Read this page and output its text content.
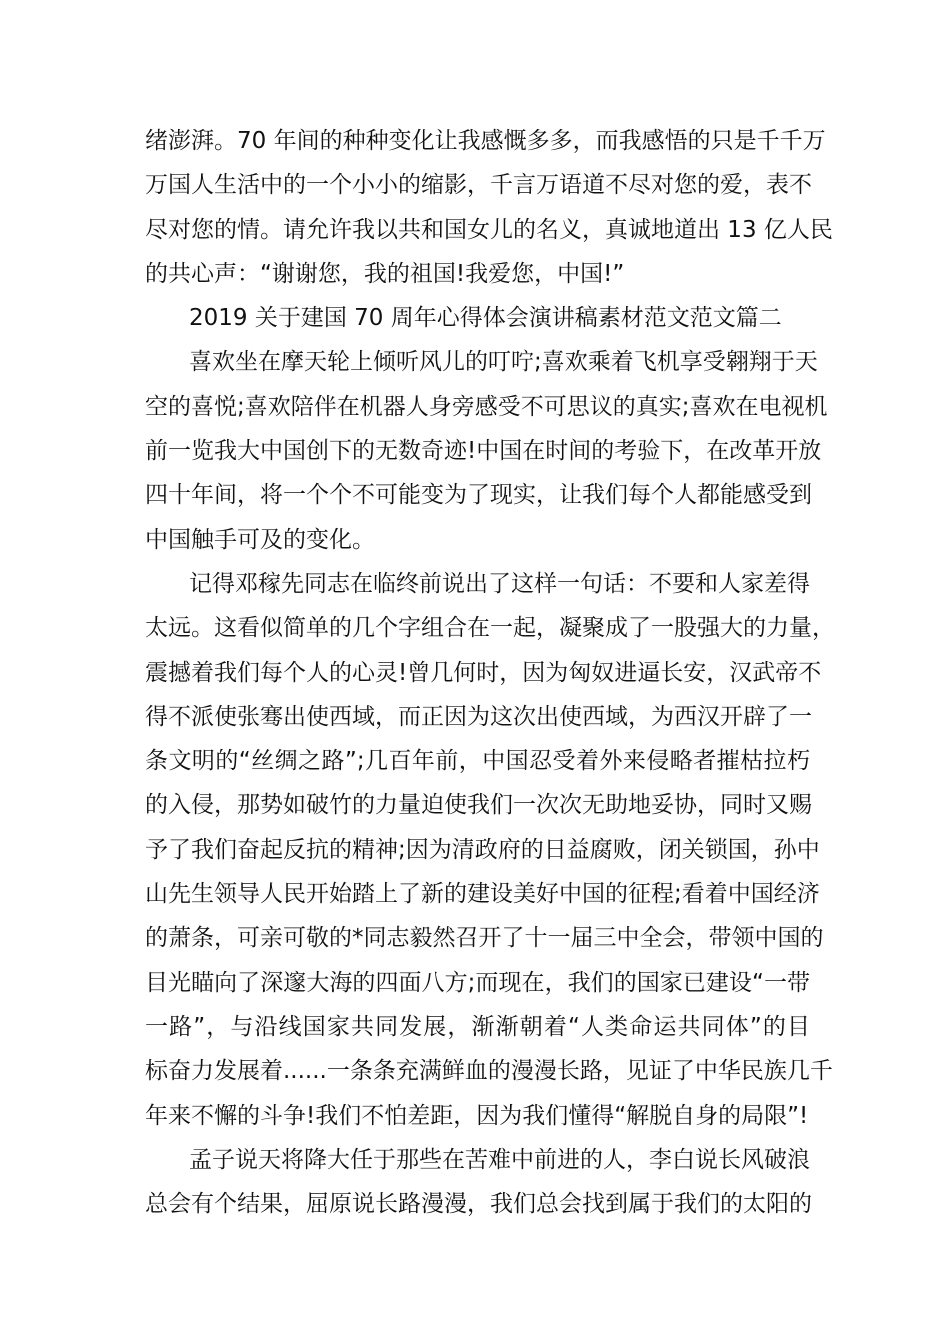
绪澎湃。70 年间的种种变化让我感慨多多，而我感悟的只是千千万
万国人生活中的一个小小的缩影，千言万语道不尽对您的爱，表不
尽对您的情。请允许我以共和国女儿的名义，真诚地道出 13 亿人民
的共心声：“谢谢您，我的祖国!我爱您，中国!”
2019 关于建国 70 周年心得体会演讲稿素材范文范文篇二
喜欢坐在摩天轮上倾听风儿的叮咛;喜欢乘着飞机享受翱翔于天
空的喜悦;喜欢陪伴在机器人身旁感受不可思议的真实;喜欢在电视机
前一览我大中国创下的无数奇迹!中国在时间的考验下，在改革开放
四十年间，将一个个不可能变为了现实，让我们每个人都能感受到
中国触手可及的变化。
记得邓稼先同志在临终前说出了这样一句话：不要和人家差得
太远。这看似简单的几个字组合在一起，凝聚成了一股强大的力量，
震撼着我们每个人的心灵!曾几何时，因为匈奴进逼长安，汉武帝不
得不派使张骞出使西域，而正因为这次出使西域，为西汉开辟了一
条文明的“丝绸之路”;几百年前，中国忍受着外来侵略者摧枯拉朽
的入侵，那势如破竹的力量迫使我们一次次无助地妥协，同时又赐
予了我们奋起反抗的精神;因为清政府的日益腐败，闭关锁国，孙中
山先生领导人民开始踏上了新的建设美好中国的征程;看着中国经济
的萧条，可亲可敬的*同志毅然召开了十一届三中全会，带领中国的
目光瞄向了深邃大海的四面八方;而现在，我们的国家已建设“一带
一路”，与沿线国家共同发展，渐渐朝着“人类命运共同体”的目
标奋力发展着......一条条充满鲜血的漫漫长路，见证了中华民族几千
年来不懈的斗争!我们不怕差距，因为我们懂得“解脱自身的局限”!
孟子说天将降大任于那些在苦难中前进的人，李白说长风破浪
总会有个结果，屈原说长路漫漫，我们总会找到属于我们的太阳的
